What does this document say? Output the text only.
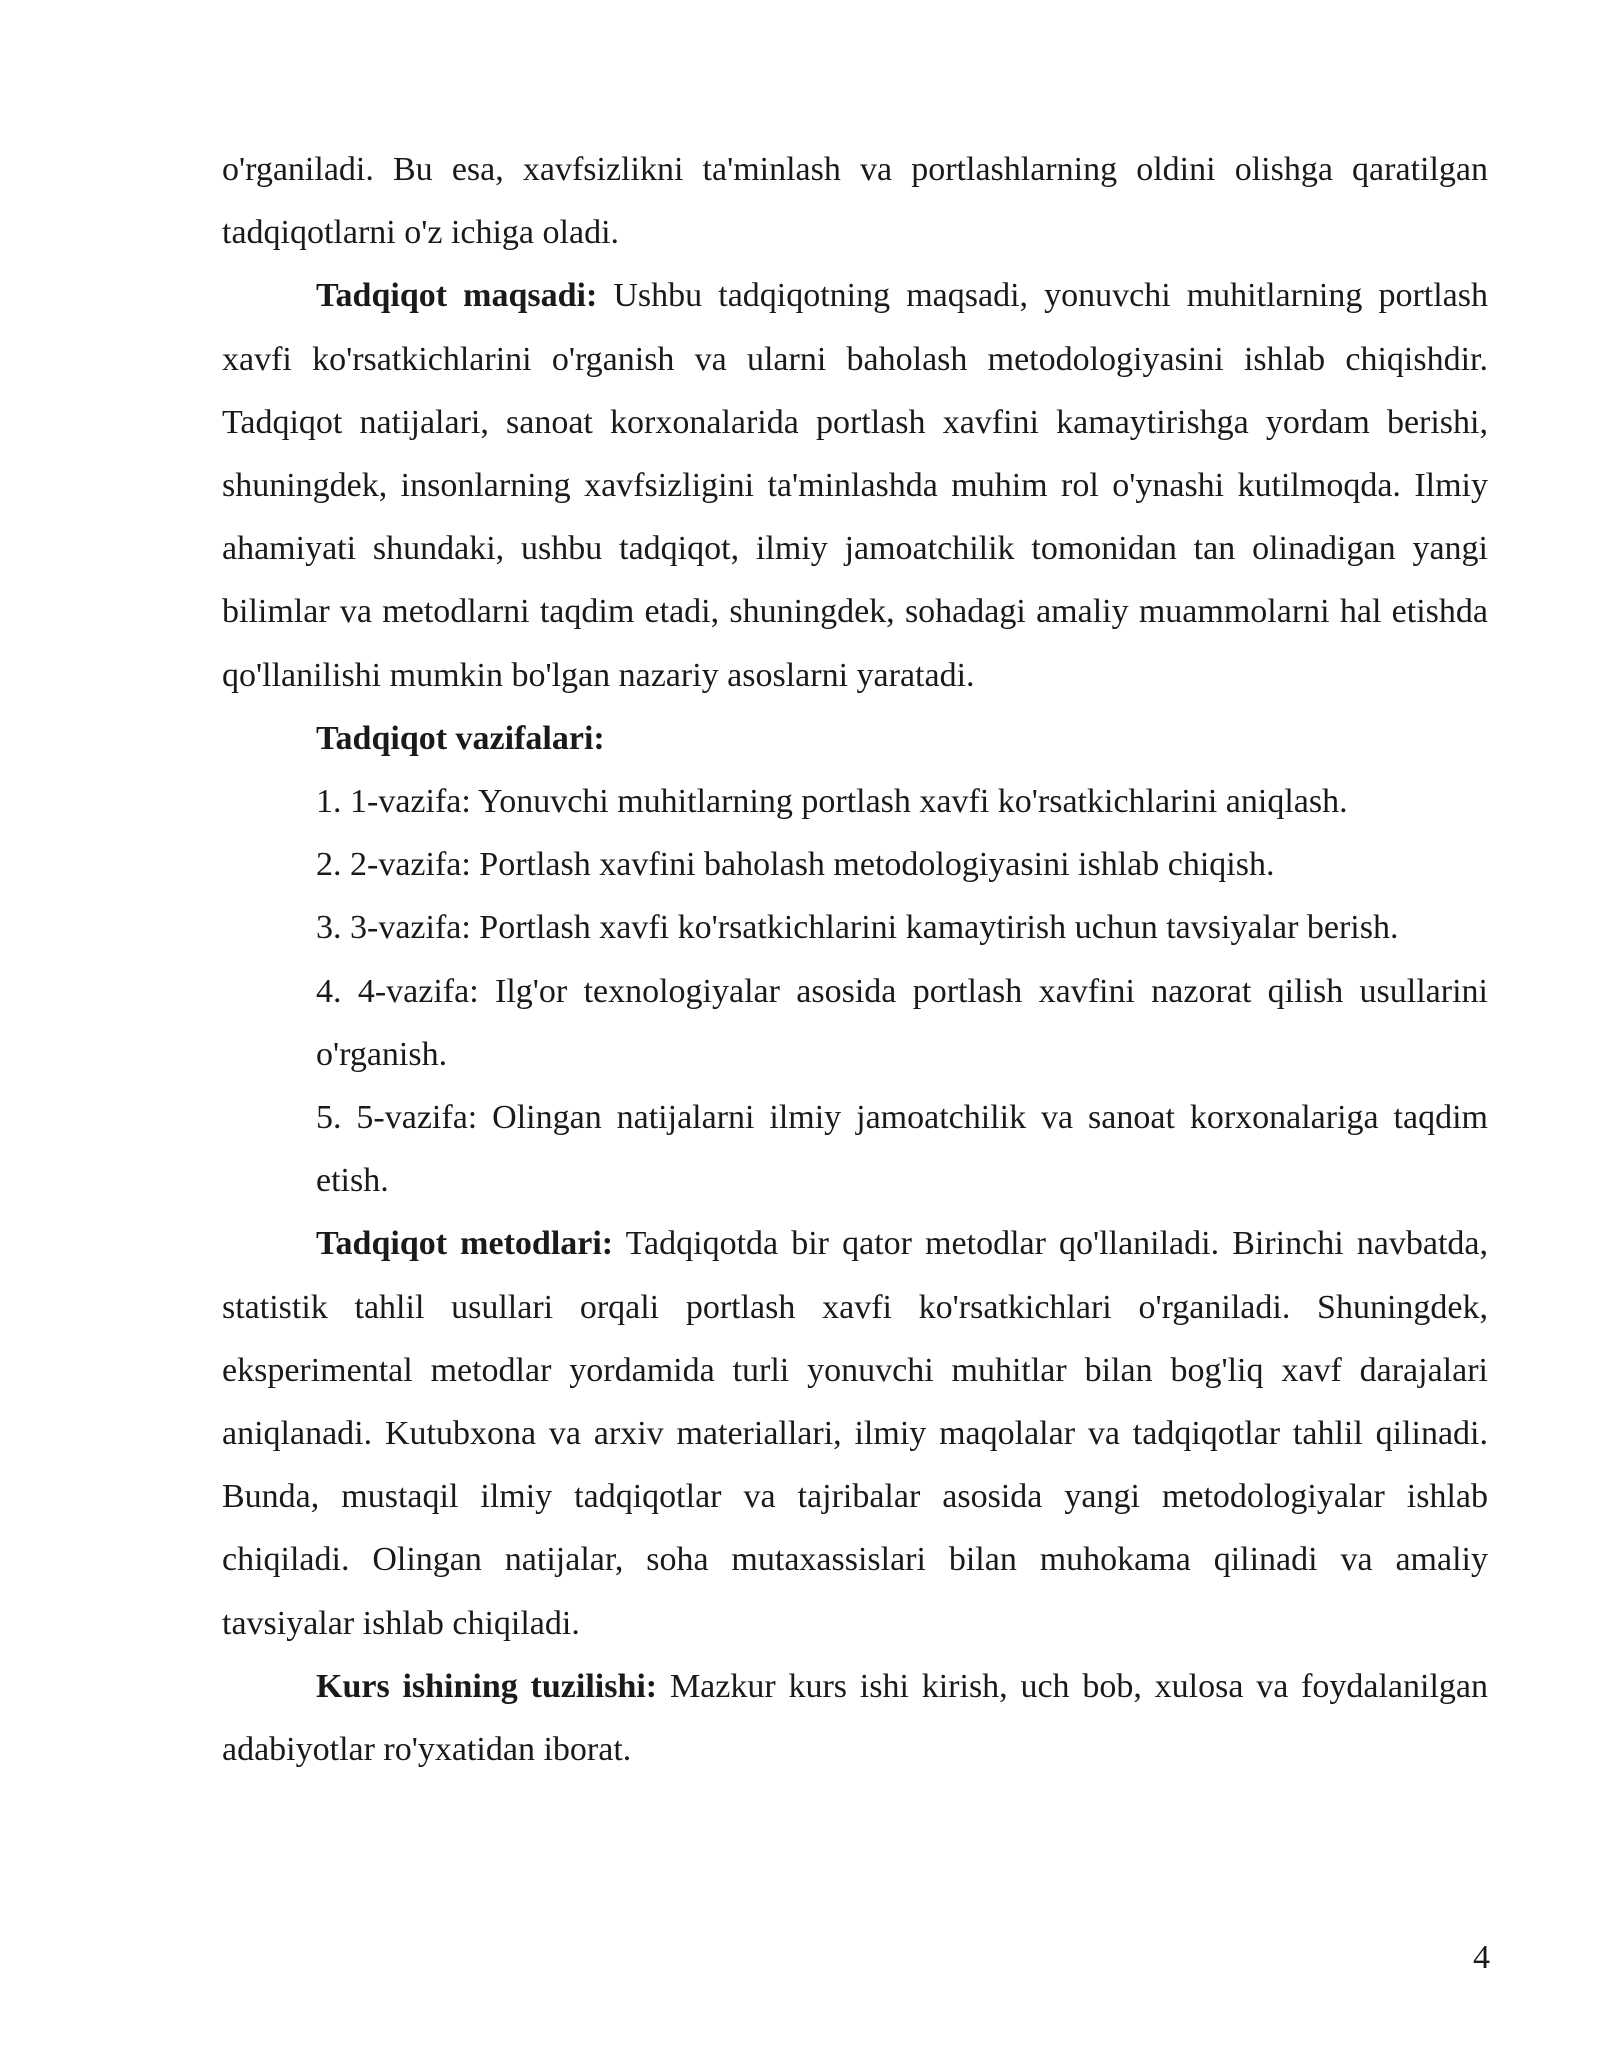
o'rganiladi. Bu esa, xavfsizlikni ta'minlash va portlashlarning oldini olishga qaratilgan tadqiqotlarni o'z ichiga oladi.

Tadqiqot maqsadi: Ushbu tadqiqotning maqsadi, yonuvchi muhitlarning portlash xavfi ko'rsatkichlarini o'rganish va ularni baholash metodologiyasini ishlab chiqishdir. Tadqiqot natijalari, sanoat korxonalarida portlash xavfini kamaytirishga yordam berishi, shuningdek, insonlarning xavfsizligini ta'minlashda muhim rol o'ynashi kutilmoqda. Ilmiy ahamiyati shundaki, ushbu tadqiqot, ilmiy jamoatchilik tomonidan tan olinadigan yangi bilimlar va metodlarni taqdim etadi, shuningdek, sohadagi amaliy muammolarni hal etishda qo'llanilishi mumkin bo'lgan nazariy asoslarni yaratadi.

Tadqiqot vazifalari:

1. 1-vazifa: Yonuvchi muhitlarning portlash xavfi ko'rsatkichlarini aniqlash.

2. 2-vazifa: Portlash xavfini baholash metodologiyasini ishlab chiqish.

3. 3-vazifa: Portlash xavfi ko'rsatkichlarini kamaytirish uchun tavsiyalar berish.

4. 4-vazifa: Ilg'or texnologiyalar asosida portlash xavfini nazorat qilish usullarini o'rganish.

5. 5-vazifa: Olingan natijalarni ilmiy jamoatchilik va sanoat korxonalariga taqdim etish.

Tadqiqot metodlari: Tadqiqotda bir qator metodlar qo'llaniladi. Birinchi navbatda, statistik tahlil usullari orqali portlash xavfi ko'rsatkichlari o'rganiladi. Shuningdek, eksperimental metodlar yordamida turli yonuvchi muhitlar bilan bog'liq xavf darajalari aniqlanadi. Kutubxona va arxiv materiallari, ilmiy maqolalar va tadqiqotlar tahlil qilinadi. Bunda, mustaqil ilmiy tadqiqotlar va tajribalar asosida yangi metodologiyalar ishlab chiqiladi. Olingan natijalar, soha mutaxassislari bilan muhokama qilinadi va amaliy tavsiyalar ishlab chiqiladi.

Kurs ishining tuzilishi: Mazkur kurs ishi kirish, uch bob, xulosa va foydalanilgan adabiyotlar ro'yxatidan iborat.

4
